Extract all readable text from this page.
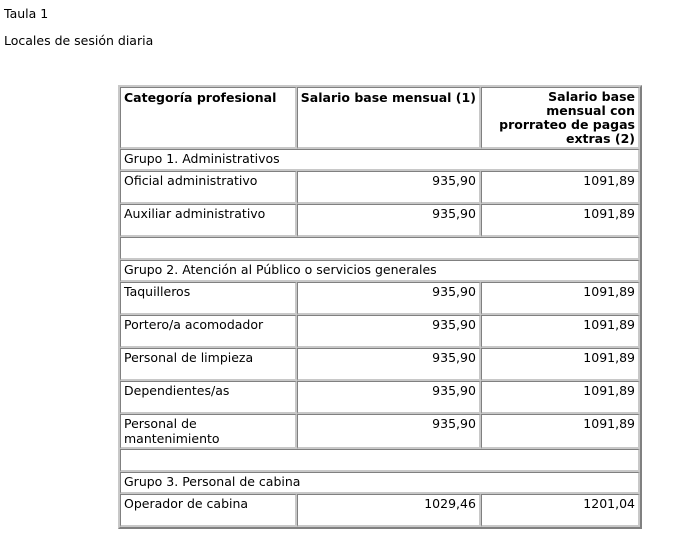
Taula 1
Locales de sesión diaria
Categoría profesional	Salario base mensual (1)	Salario base mensual con prorrateo de pagas extras (2)
Grupo 1. Administrativos		
Oficial administrativo	935,90	1091,89
Auxiliar administrativo	935,90	1091,89

Grupo 2. Atención al Público o servicios generales		
Taquilleros	935,90	1091,89
Portero/a acomodador	935,90	1091,89
Personal de limpieza	935,90	1091,89
Dependientes/as	935,90	1091,89
Personal de mantenimiento	935,90	1091,89

Grupo 3. Personal de cabina		
Operador de cabina	1029,46	1201,04
